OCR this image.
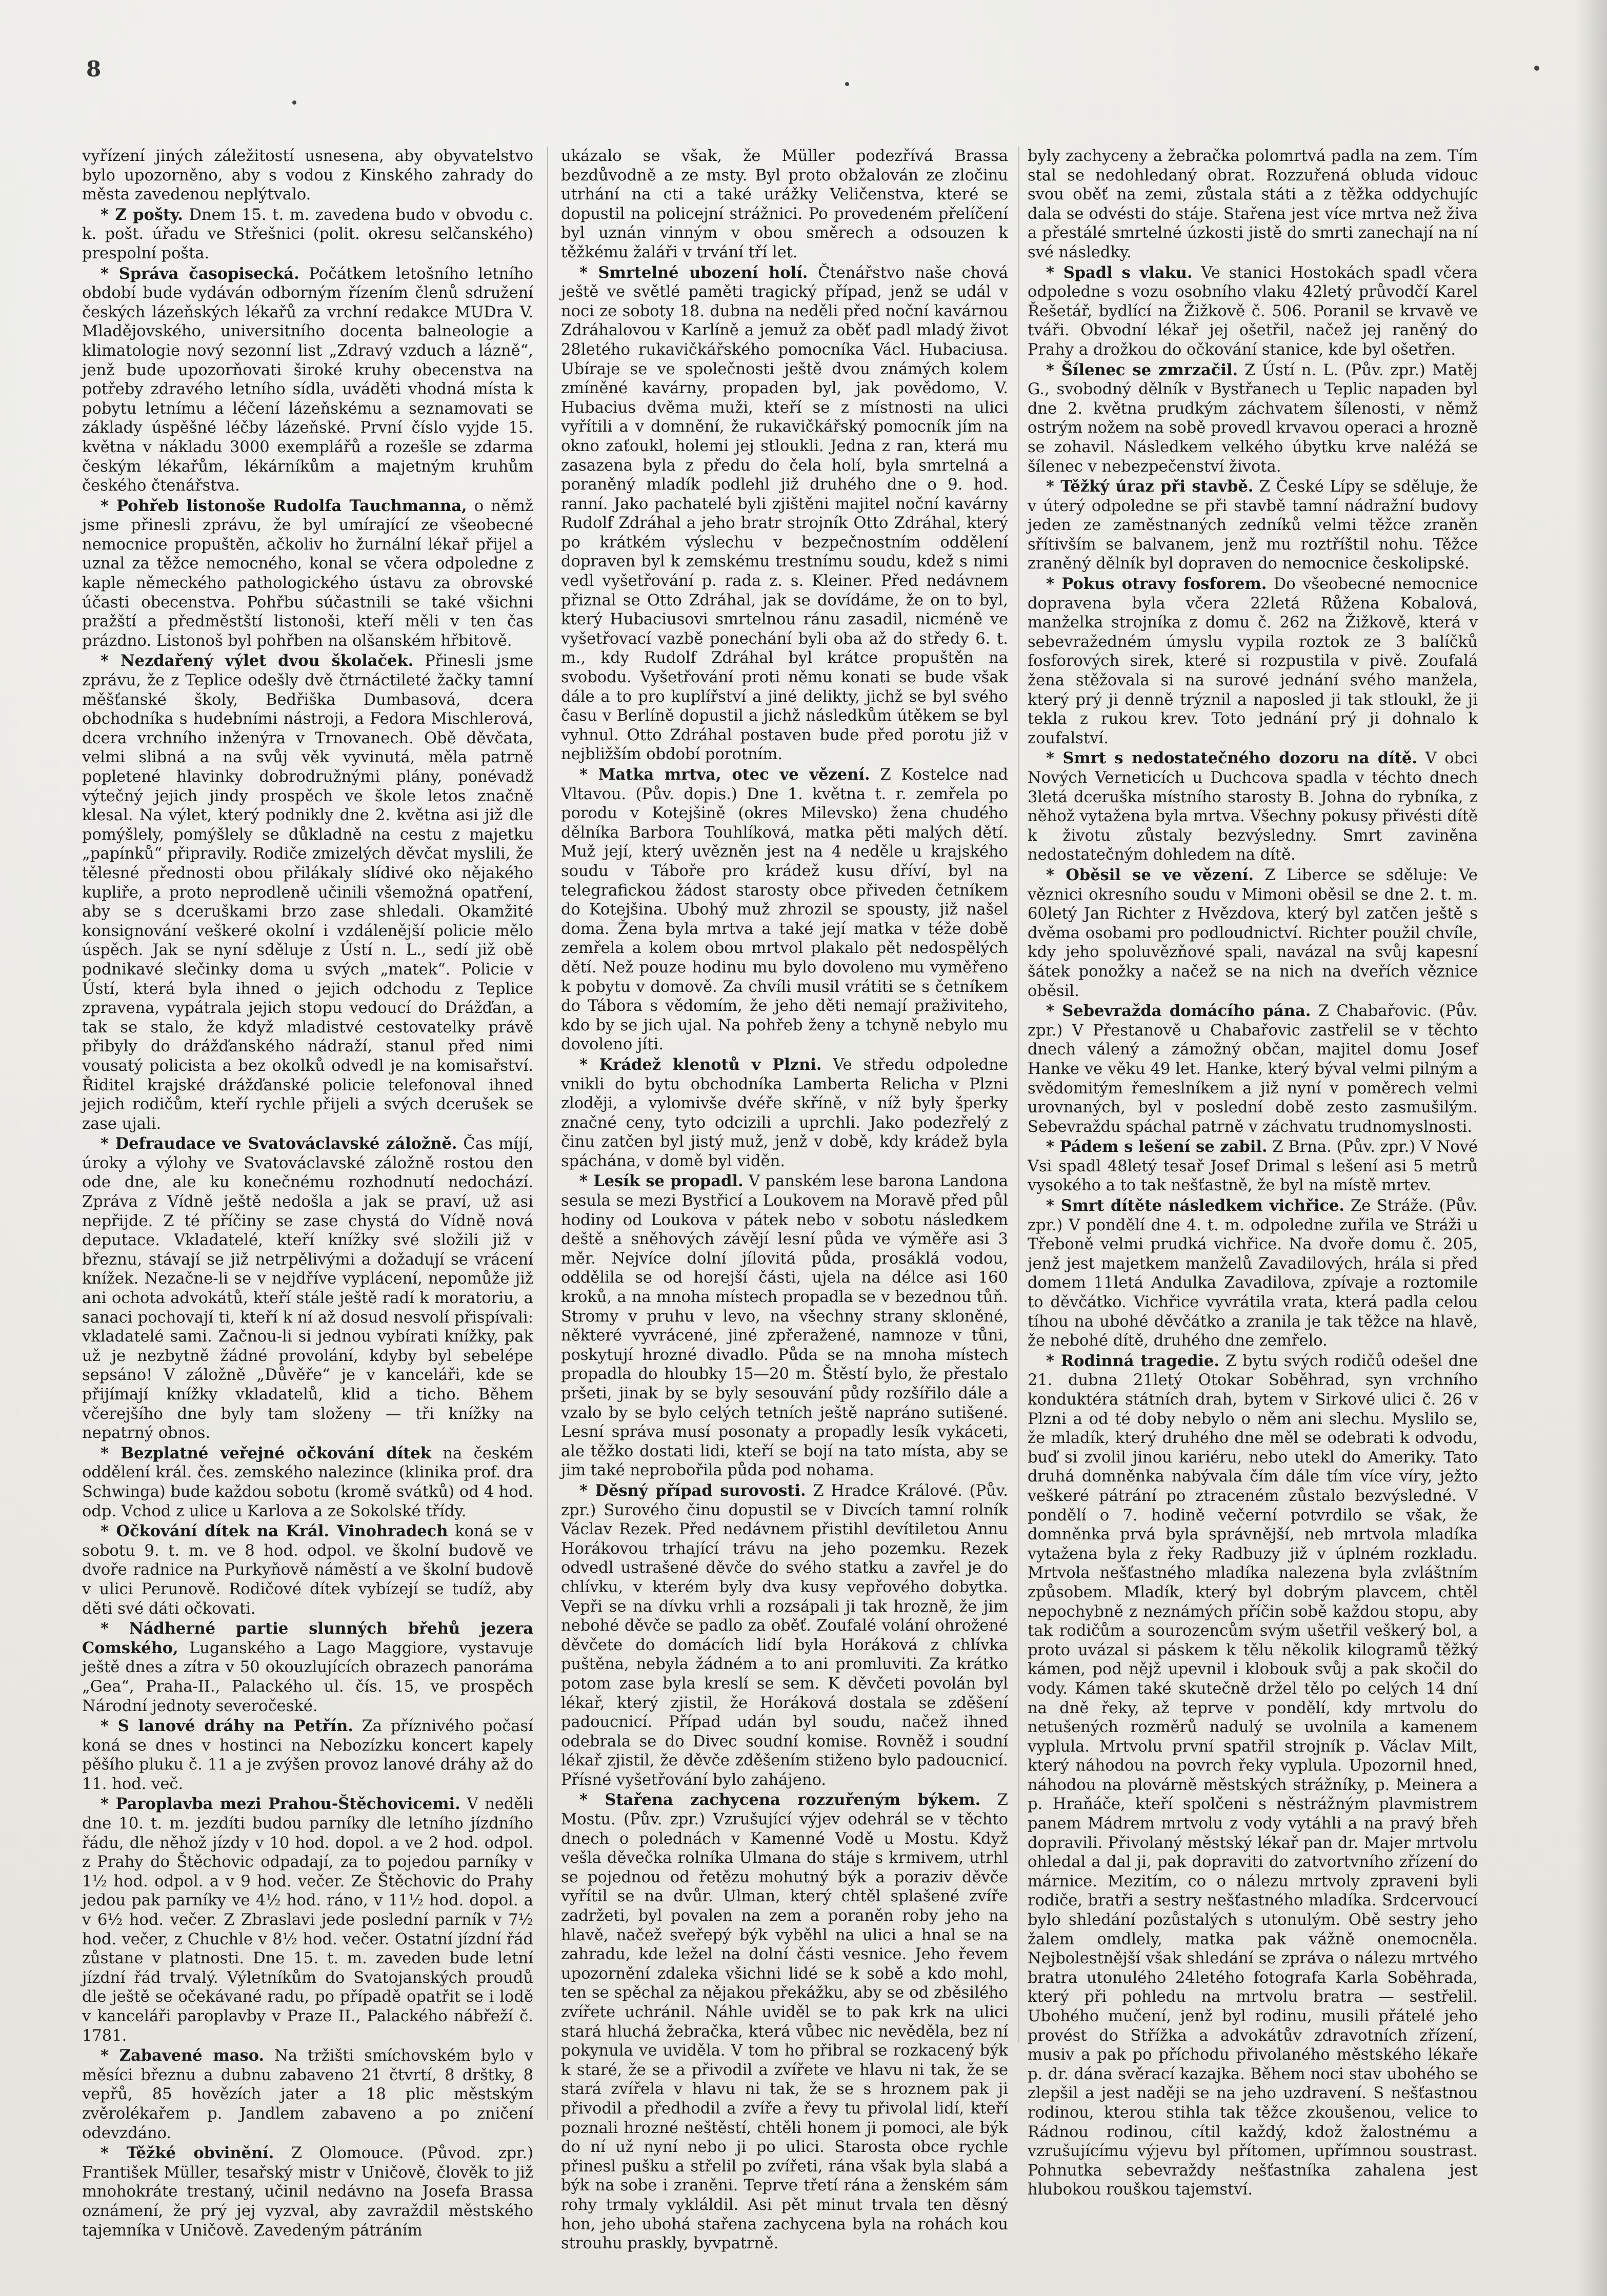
8

vyřízení jiných záležitostí usnesena, aby obyvatelstvo bylo upozorněno, aby s vodou z Kinského zahrady do města zavedenou neplýtvalo.

* Z pošty. Dnem 15. t. m. zavedena budo v obvodu c. k. pošt. úřadu ve Střešnici (polit. okresu selčanského) prespolní pošta.

* Správa časopisecká. Počátkem letošního letního období bude vydáván odborným řízením členů sdružení českých lázeňských lékařů za vrchní redakce MUDra V. Mladějovského, universitního docenta balneologie a klimatologie nový sezonní list „Zdravý vzduch a lázně“, jenž bude upozorňovati široké kruhy obecenstva na potřeby zdravého letního sídla, uváděti vhodná místa k pobytu letnímu a léčení lázeňskému a seznamovati se základy úspěšné léčby lázeňské. První číslo vyjde 15. května v nákladu 3000 exemplářů a rozešle se zdarma českým lékařům, lékárníkům a majetným kruhům českého čtenářstva.

* Pohřeb listonoše Rudolfa Tauchmanna, o němž jsme přinesli zprávu, že byl umírající ze všeobecné nemocnice propuštěn, ačkoliv ho žurnální lékař přijel a uznal za těžce nemocného, konal se včera odpoledne z kaple německého pathologického ústavu za obrovské účasti obecenstva. Pohřbu súčastnili se také všichni pražští a předměstští listonoši, kteří měli v ten čas prázdno. Listonoš byl pohřben na olšanském hřbitově.

* Nezdařený výlet dvou školaček. Přinesli jsme zprávu, že z Teplice odešly dvě čtrnáctileté žačky tamní měšťanské školy, Bedřiška Dumbasová, dcera obchodníka s hudebními nástroji, a Fedora Mischlerová, dcera vrchního inženýra v Trnovanech. Obě děvčata, velmi slibná a na svůj věk vyvinutá, měla patrně popletené hlavinky dobrodružnými plány, ponévadž výtečný jejich jindy prospěch ve škole letos značně klesal. Na výlet, který podnikly dne 2. května asi již dle pomýšlely, pomýšlely se důkladně na cestu z majetku „papínků“ připravily. Rodiče zmizelých děvčat myslili, že tělesné přednosti obou přilákaly slídivé oko nějakého kupliře, a proto neprodleně učinili všemožná opatření, aby se s dceruškami brzo zase shledali. Okamžité konsignování veškeré okolní i vzdálenější policie mělo úspěch. Jak se nyní sděluje z Ústí n. L., sedí již obě podnikavé slečinky doma u svých „matek“. Policie v Ústí, která byla ihned o jejich odchodu z Teplice zpravena, vypátrala jejich stopu vedoucí do Drážďan, a tak se stalo, že když mladistvé cestovatelky právě přibyly do drážďanského nádraží, stanul před nimi vousatý policista a bez okolků odvedl je na komisařství. Řiditel krajské drážďanské policie telefonoval ihned jejich rodičům, kteří rychle přijeli a svých dcerušek se zase ujali.

* Defraudace ve Svatováclavské záložně. Čas míjí, úroky a výlohy ve Svatováclavské záložně rostou den ode dne, ale ku konečnému rozhodnutí nedochází. Zpráva z Vídně ještě nedošla a jak se praví, už asi nepřijde. Z té příčiny se zase chystá do Vídně nová deputace. Vkladatelé, kteří knížky své složili již v březnu, stávají se již netrpělivými a dožadují se vrácení knížek. Nezačne-li se v nejdříve vyplácení, nepomůže již ani ochota advokátů, kteří stále ještě radí k moratoriu, a sanaci pochovají ti, kteří k ní až dosud nesvolí přispívali: vkladatelé sami. Začnou-li si jednou vybírati knížky, pak už je nezbytně žádné provolání, kdyby byl sebelépe sepsáno! V záložně „Důvěře“ je v kanceláři, kde se přijímají knížky vkladatelů, klid a ticho. Během včerejšího dne byly tam složeny — tři knížky na nepatrný obnos.

* Bezplatné veřejné očkování dítek na českém oddělení král. čes. zemského nalezince (klinika prof. dra Schwinga) bude každou sobotu (kromě svátků) od 4 hod. odp. Vchod z ulice u Karlova a ze Sokolské třídy.

* Očkování dítek na Král. Vinohradech koná se v sobotu 9. t. m. ve 8 hod. odpol. ve školní budově ve dvoře radnice na Purkyňově náměstí a ve školní budově v ulici Perunově. Rodičové dítek vybízejí se tudíž, aby děti své dáti očkovati.

* Nádherné partie slunných břehů jezera Comského, Luganského a Lago Maggiore, vystavuje ještě dnes a zítra v 50 okouzlujících obrazech panoráma „Gea“, Praha-II., Palackého ul. čís. 15, ve prospěch Národní jednoty severočeské.

* S lanové dráhy na Petřín. Za příznivého počasí koná se dnes v hostinci na Nebozízku koncert kapely pěšího pluku č. 11 a je zvýšen provoz lanové dráhy až do 11. hod. več.

* Paroplavba mezi Prahou-Štěchovicemi. V neděli dne 10. t. m. jezdíti budou parníky dle letního jízdního řádu, dle něhož jízdy v 10 hod. dopol. a ve 2 hod. odpol. z Prahy do Štěchovic odpadají, za to pojedou parníky v 1½ hod. odpol. a v 9 hod. večer. Ze Štěchovic do Prahy jedou pak parníky ve 4½ hod. ráno, v 11½ hod. dopol. a v 6½ hod. večer. Z Zbraslavi jede poslední parník v 7½ hod. večer, z Chuchle v 8½ hod. večer. Ostatní jízdní řád zůstane v platnosti. Dne 15. t. m. zaveden bude letní jízdní řád trvalý. Výletníkům do Svatojanských proudů dle ještě se očekávané radu, po případě opatřit se i lodě v kanceláři paroplavby v Praze II., Palackého nábřeží č. 1781.

* Zabavené maso. Na tržišti smíchovském bylo v měsíci březnu a dubnu zabaveno 21 čtvrtí, 8 drštky, 8 vepřů, 85 hovězích jater a 18 plic městským zvěrolékařem p. Jandlem zabaveno a po zničení odevzdáno.

* Těžké obvinění. Z Olomouce. (Původ. zpr.) František Müller, tesařský mistr v Uničově, člověk to již mnohokráte trestaný, učinil nedávno na Josefa Brassa oznámení, že prý jej vyzval, aby zavraždil městského tajemníka v Uničově. Zavedeným pátráním

ukázalo se však, že Müller podezřívá Brassa bezdůvodně a ze msty. Byl proto obžalován ze zločinu utrhání na cti a také urážky Veličenstva, které se dopustil na policejní strážnici. Po provedeném přelíčení byl uznán vinným v obou směrech a odsouzen k těžkému žaláři v trvání tří let.

* Smrtelné ubození holí. Čtenářstvo naše chová ještě ve světlé paměti tragický případ, jenž se udál v noci ze soboty 18. dubna na neděli před noční kavárnou Zdráhalovou v Karlíně a jemuž za oběť padl mladý život 28letého rukavičkářského pomocníka Václ. Hubaciusa. Ubíraje se ve společnosti ještě dvou známých kolem zmíněné kavárny, propaden byl, jak povědomo, V. Hubacius dvěma muži, kteří se z místnosti na ulici vyřítili a v domnění, že rukavičkářský pomocník jím na okno zaťoukl, holemi jej stloukli. Jedna z ran, která mu zasazena byla z předu do čela holí, byla smrtelná a poraněný mladík podlehl již druhého dne o 9. hod. ranní. Jako pachatelé byli zjištěni majitel noční kavárny Rudolf Zdráhal a jeho bratr strojník Otto Zdráhal, který po krátkém výslechu v bezpečnostním oddělení dopraven byl k zemskému trestnímu soudu, kdež s nimi vedl vyšetřování p. rada z. s. Kleiner. Před nedávnem přiznal se Otto Zdráhal, jak se dovídáme, že on to byl, který Hubaciusovi smrtelnou ránu zasadil, nicméně ve vyšetřovací vazbě ponechání byli oba až do středy 6. t. m., kdy Rudolf Zdráhal byl krátce propuštěn na svobodu. Vyšetřování proti němu konati se bude však dále a to pro kuplířství a jiné delikty, jichž se byl svého času v Berlíně dopustil a jichž následkům útěkem se byl vyhnul. Otto Zdráhal postaven bude před porotu již v nejbližším období porotním.

* Matka mrtva, otec ve vězení. Z Kostelce nad Vltavou. (Pův. dopis.) Dne 1. května t. r. zemřela po porodu v Kotejšině (okres Milevsko) žena chudého dělníka Barbora Touhlíková, matka pěti malých dětí. Muž její, který uvězněn jest na 4 neděle u krajského soudu v Táboře pro krádež kusu dříví, byl na telegrafickou žádost starosty obce přiveden četníkem do Kotejšina. Ubohý muž zhrozil se spousty, již našel doma. Žena byla mrtva a také její matka v téže době zemřela a kolem obou mrtvol plakalo pět nedospělých dětí. Než pouze hodinu mu bylo dovoleno mu vyměřeno k pobytu v domově. Za chvíli musil vrátiti se s četníkem do Tábora s vědomím, že jeho děti nemají praživiteho, kdo by se jich ujal. Na pohřeb ženy a tchyně nebylo mu dovoleno jíti.

* Krádež klenotů v Plzni. Ve středu odpoledne vnikli do bytu obchodníka Lamberta Relicha v Plzni zloději, a vylomivše dvéře skříně, v níž byly šperky značné ceny, tyto odcizili a uprchli. Jako podezřelý z činu zatčen byl jistý muž, jenž v době, kdy krádež byla spáchána, v domě byl viděn.

* Lesík se propadl. V panském lese barona Landona sesula se mezi Bystřicí a Loukovem na Moravě před půl hodiny od Loukova v pátek nebo v sobotu následkem deště a sněhových závějí lesní půda ve výměře asi 3 měr. Nejvíce dolní jílovitá půda, prosáklá vodou, oddělila se od horejší části, ujela na délce asi 160 kroků, a na mnoha místech propadla se v bezednou tůň. Stromy v pruhu v levo, na všechny strany skloněné, některé vyvrácené, jiné zpřeražené, namnoze v tůni, poskytují hrozné divadlo. Půda se na mnoha místech propadla do hloubky 15—20 m. Štěstí bylo, že přestalo pršeti, jinak by se byly sesouvání půdy rozšířilo dále a vzalo by se bylo celých tetních ještě napráno sutišené. Lesní správa musí posonaty a propadly lesík vykáceti, ale těžko dostati lidi, kteří se bojí na tato místa, aby se jim také neprobořila půda pod nohama.

* Děsný případ surovosti. Z Hradce Králové. (Pův. zpr.) Surového činu dopustil se v Divcích tamní rolník Václav Rezek. Před nedávnem přistihl devítiletou Annu Horákovou trhající trávu na jeho pozemku. Rezek odvedl ustrašené děvče do svého statku a zavřel je do chlívku, v kterém byly dva kusy vepřového dobytka. Vepři se na dívku vrhli a rozsápali ji tak hrozně, že jim nebohé děvče se padlo za oběť. Zoufalé volání ohrožené děvčete do domácích lidí byla Horáková z chlívka puštěna, nebyla žádném a to ani promluviti. Za krátko potom zase byla kreslí se sem. K děvčeti povolán byl lékař, který zjistil, že Horáková dostala se zděšení padoucnicí. Případ udán byl soudu, načež ihned odebrala se do Divec soudní komise. Rovněž i soudní lékař zjistil, že děvče zděšením stiženo bylo padoucnicí. Přísné vyšetřování bylo zahájeno.

* Stařena zachycena rozzuřeným býkem. Z Mostu. (Pův. zpr.) Vzrušující výjev odehrál se v těchto dnech o polednách v Kamenné Vodě u Mostu. Když vešla děvečka rolníka Ulmana do stáje s krmivem, utrhl se pojednou od řetězu mohutný býk a poraziv děvče vyřítil se na dvůr. Ulman, který chtěl splašené zvíře zadržeti, byl povalen na zem a poraněn roby jeho na hlavě, načež sveřepý býk vyběhl na ulici a hnal se na zahradu, kde ležel na dolní části vesnice. Jeho řevem upozornění zdaleka všichni lidé se k sobě a kdo mohl, ten se spěchal za nějakou překážku, aby se od zběsilého zvířete uchránil. Náhle uviděl se to pak krk na ulici stará hluchá žebračka, která vůbec nic nevěděla, bez ní pokynula ve uviděla. V tom ho přibral se rozkacený býk k staré, že se a přivodil a zvířete ve hlavu ni tak, že se stará zvířela v hlavu ni tak, že se s hroznem pak ji přivodil a předhodil a zvíře a řevy tu přivolal lidí, kteří poznali hrozné neštěstí, chtěli honem ji pomoci, ale býk do ní už nyní nebo ji po ulici. Starosta obce rychle přinesl pušku a střelil po zvířeti, rána však byla slabá a býk na sobe i zraněni. Teprve třetí rána a ženském sám rohy trmaly vykláldil. Asi pět minut trvala ten děsný hon, jeho ubohá stařena zachycena byla na rohách kou strouhu praskly, byvpatrně.

byly zachyceny a žebračka polomrtvá padla na zem. Tím stal se nedohledaný obrat. Rozzuřená obluda vidouc svou oběť na zemi, zůstala státi a z těžka oddychujíc dala se odvésti do stáje. Stařena jest více mrtva než živa a přestálé smrtelné úzkosti jistě do smrti zanechají na ní své následky.

* Spadl s vlaku. Ve stanici Hostokách spadl včera odpoledne s vozu osobního vlaku 42letý průvodčí Karel Řešetář, bydlící na Žižkově č. 506. Poranil se krvavě ve tváři. Obvodní lékař jej ošetřil, načež jej raněný do Prahy a drožkou do očkování stanice, kde byl ošetřen.

* Šílenec se zmrzačil. Z Ústí n. L. (Pův. zpr.) Matěj G., svobodný dělník v Bystřanech u Teplic napaden byl dne 2. května prudkým záchvatem šílenosti, v němž ostrým nožem na sobě provedl krvavou operaci a hrozně se zohavil. Následkem velkého úbytku krve naléžá se šílenec v nebezpečenství života.

* Těžký úraz při stavbě. Z České Lípy se sděluje, že v úterý odpoledne se při stavbě tamní nádražní budovy jeden ze zaměstnaných zedníků velmi těžce zraněn sřítivším se balvanem, jenž mu roztříštil nohu. Těžce zraněný dělník byl dopraven do nemocnice českolipské.

* Pokus otravy fosforem. Do všeobecné nemocnice dopravena byla včera 22letá Růžena Kobalová, manželka strojníka z domu č. 262 na Žižkově, která v sebevražedném úmyslu vypila roztok ze 3 balíčků fosforových sirek, které si rozpustila v pivě. Zoufalá žena stěžovala si na surové jednání svého manžela, který prý ji denně trýznil a naposled ji tak stloukl, že ji tekla z rukou krev. Toto jednání prý ji dohnalo k zoufalství.

* Smrt s nedostatečného dozoru na dítě. V obci Nových Verneticích u Duchcova spadla v téchto dnech 3letá dceruška místního starosty B. Johna do rybníka, z něhož vytažena byla mrtva. Všechny pokusy přivésti dítě k životu zůstaly bezvýsledny. Smrt zaviněna nedostatečným dohledem na dítě.

* Oběsil se ve vězení. Z Liberce se sděluje: Ve věznici okresního soudu v Mimoni oběsil se dne 2. t. m. 60letý Jan Richter z Hvězdova, který byl zatčen ještě s dvěma osobami pro podloudnictví. Richter použil chvíle, kdy jeho spoluvězňové spali, navázal na svůj kapesní šátek ponožky a načež se na nich na dveřích věznice oběsil.

* Sebevražda domácího pána. Z Chabařovic. (Pův. zpr.) V Přestanově u Chabařovic zastřelil se v těchto dnech válený a zámožný občan, majitel domu Josef Hanke ve věku 49 let. Hanke, který býval velmi pilným a svědomitým řemeslníkem a již nyní v poměrech velmi urovnaných, byl v poslední době zesto zasmušilým. Sebevraždu spáchal patrně v záchvatu trudnomyslnosti.

* Pádem s lešení se zabil. Z Brna. (Pův. zpr.) V Nové Vsi spadl 48letý tesař Josef Drimal s lešení asi 5 metrů vysokého a to tak nešťastně, že byl na místě mrtev.

* Smrt dítěte následkem vichřice. Ze Stráže. (Pův. zpr.) V pondělí dne 4. t. m. odpoledne zuřila ve Stráži u Třeboně velmi prudká vichřice. Na dvoře domu č. 205, jenž jest majetkem manželů Zavadilových, hrála si před domem 11letá Andulka Zavadilova, zpívaje a roztomile to děvčátko. Vichřice vyvrátila vrata, která padla celou tíhou na ubohé děvčátko a zranila je tak těžce na hlavě, že nebohé dítě, druhého dne zemřelo.

* Rodinná tragedie. Z bytu svých rodičů odešel dne 21. dubna 21letý Otokar Soběhrad, syn vrchního konduktéra státních drah, bytem v Sirkové ulici č. 26 v Plzni a od té doby nebylo o něm ani slechu. Myslilo se, že mladík, který druhého dne měl se odebrati k odvodu, buď si zvolil jinou kariéru, nebo utekl do Ameriky. Tato druhá domněnka nabývala čím dále tím více víry, ježto veškeré pátrání po ztraceném zůstalo bezvýsledné. V pondělí o 7. hodině večerní potvrdilo se však, že domněnka prvá byla správnější, neb mrtvola mladíka vytažena byla z řeky Radbuzy již v úplném rozkladu. Mrtvola nešťastného mladíka nalezena byla zvláštním způsobem. Mladík, který byl dobrým plavcem, chtěl nepochybně z neznámých příčin sobě každou stopu, aby tak rodičům a sourozencům svým ušetřil veškerý bol, a proto uvázal si páskem k tělu několik kilogramů těžký kámen, pod nějž upevnil i klobouk svůj a pak skočil do vody. Kámen také skutečně držel tělo po celých 14 dní na dně řeky, až teprve v pondělí, kdy mrtvolu do netušených rozměrů nadulý se uvolnila a kamenem vyplula. Mrtvolu první spatřil strojník p. Václav Milt, který náhodou na povrch řeky vyplula. Upozornil hned, náhodou na plovárně městských strážníky, p. Meinera a p. Hraňáče, kteří spolčeni s něstrážným plavmistrem panem Mádrem mrtvolu z vody vytáhli a na pravý břeh dopravili. Přivolaný městský lékař pan dr. Majer mrtvolu ohledal a dal ji, pak dopraviti do zatvortvního zřízení do márnice. Mezitím, co o nálezu mrtvoly zpraveni byli rodiče, bratři a sestry nešťastného mladíka. Srdcervoucí bylo shledání pozůstalých s utonulým. Obě sestry jeho žalem omdlely, matka pak vážně onemocněla. Nejbolestnější však shledání se zpráva o nálezu mrtvého bratra utonulého 24letého fotografa Karla Soběhrada, který při pohledu na mrtvolu bratra — sestřelil. Ubohého mučení, jenž byl rodinu, musili přátelé jeho provést do Střížka a advokátův zdravotních zřízení, musiv a pak po příchodu přivolaného městského lékaře p. dr. dána svěrací kazajka. Během noci stav ubohého se zlepšil a jest naději se na jeho uzdravení. S nešťastnou rodinou, kterou stihla tak těžce zkoušenou, velice to Rádnou rodinou, cítil každý, kdož žalostnému a vzrušujícímu výjevu byl přítomen, upřímnou soustrast. Pohnutka sebevraždy nešťastníka zahalena jest hlubokou rouškou tajemství.
